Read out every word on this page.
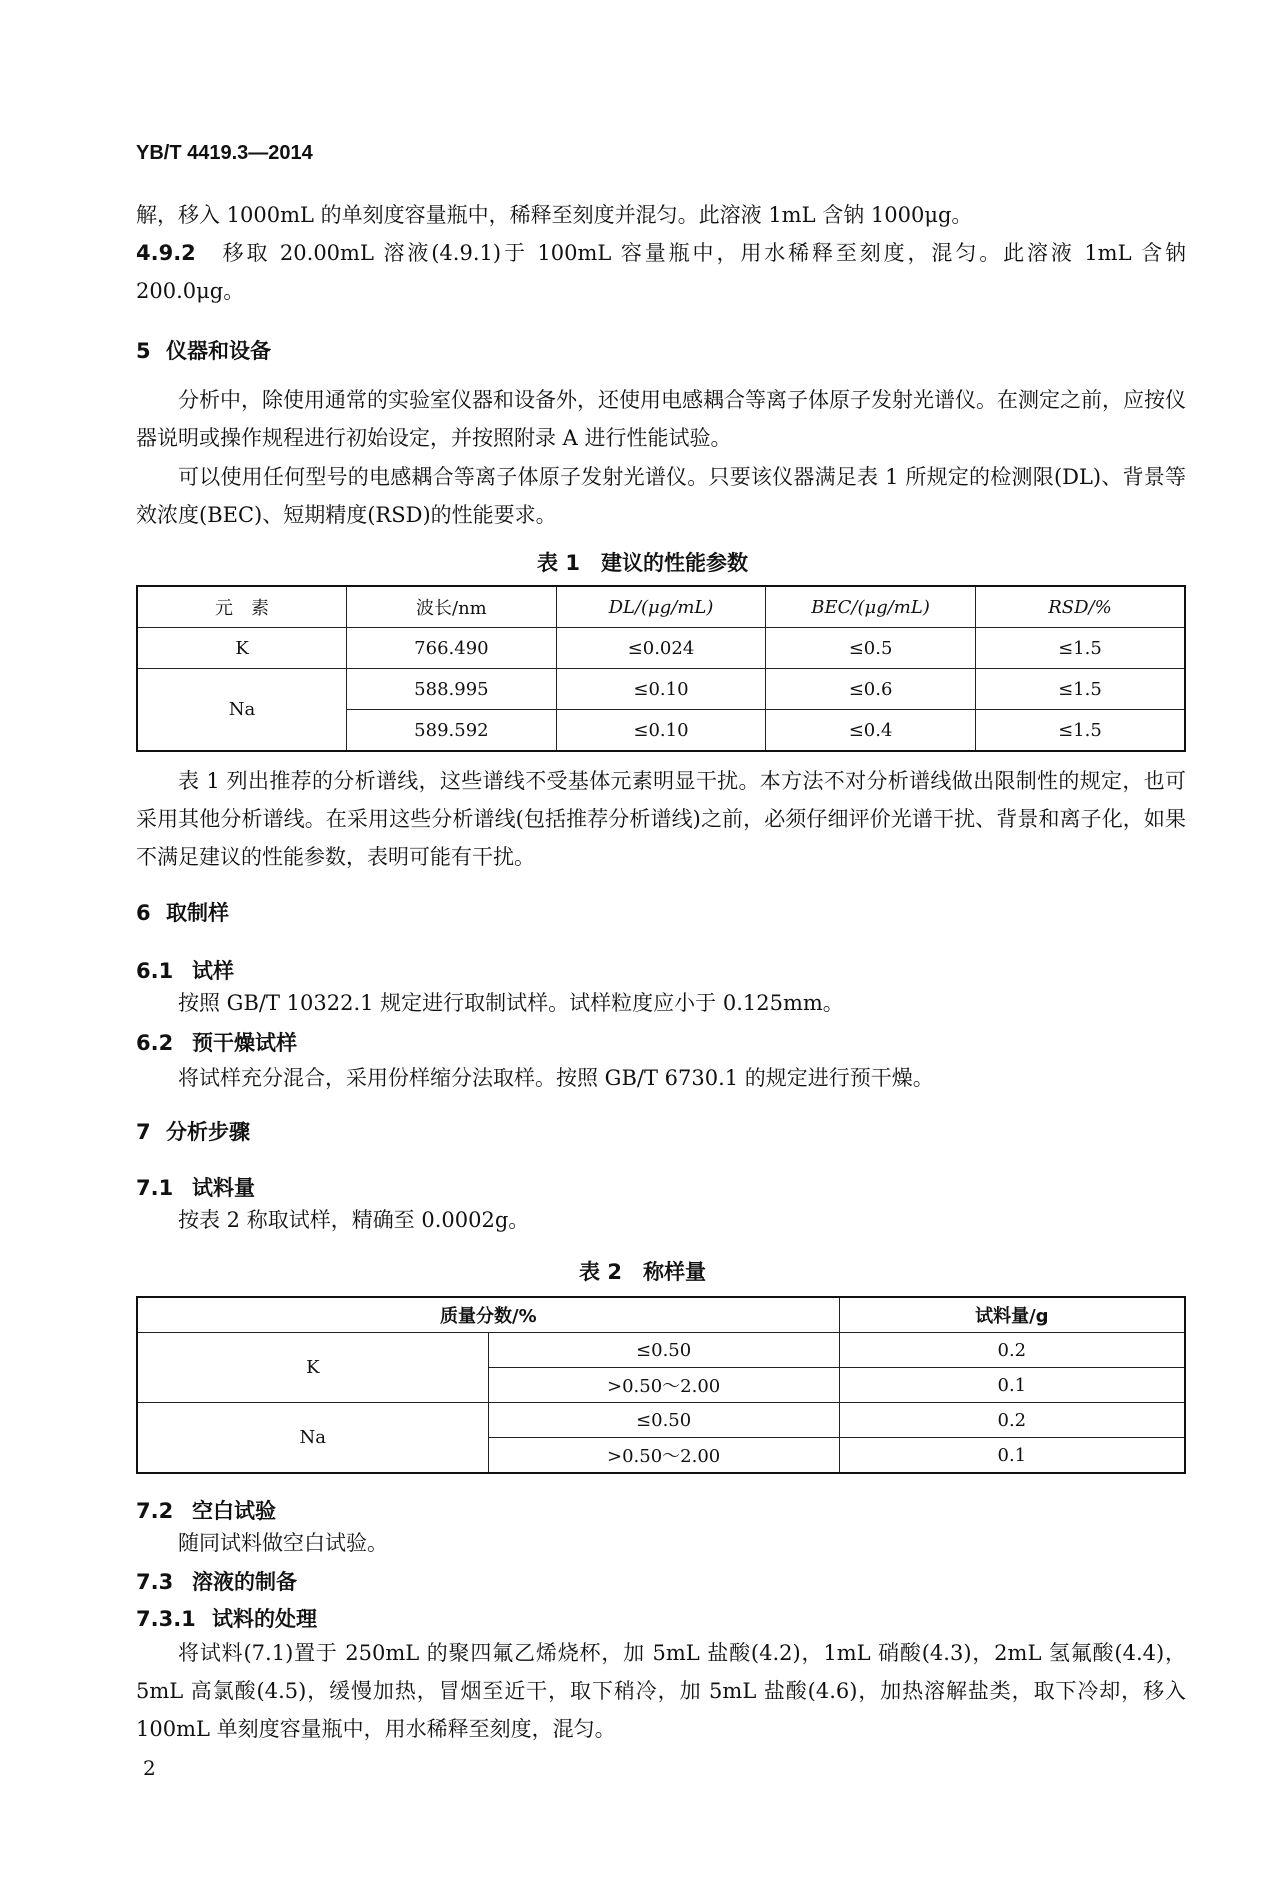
YB/T 4419.3—2014
解，移入 1000mL 的单刻度容量瓶中，稀释至刻度并混匀。此溶液 1mL 含钠 1000μg。
4.9.2　 移取 20.00mL 溶液(4.9.1)于 100mL 容量瓶中，用水稀释至刻度，混匀。此溶液 1mL 含钠 200.0μg。
5 仪器和设备
分析中，除使用通常的实验室仪器和设备外，还使用电感耦合等离子体原子发射光谱仪。在测定之前，应按仪器说明或操作规程进行初始设定，并按照附录 A 进行性能试验。
可以使用任何型号的电感耦合等离子体原子发射光谱仪。只要该仪器满足表 1 所规定的检测限(DL)、背景等效浓度(BEC)、短期精度(RSD)的性能要求。
表 1　建议的性能参数
元　素	波长/nm	DL/(μg/mL)	BEC/(μg/mL)	RSD/%
K	766.490	≤0.024	≤0.5	≤1.5
Na	588.995	≤0.10	≤0.6	≤1.5
	589.592	≤0.10	≤0.4	≤1.5
表 1 列出推荐的分析谱线，这些谱线不受基体元素明显干扰。本方法不对分析谱线做出限制性的规定，也可采用其他分析谱线。在采用这些分析谱线(包括推荐分析谱线)之前，必须仔细评价光谱干扰、背景和离子化，如果不满足建议的性能参数，表明可能有干扰。
6 取制样
6.1 试样
按照 GB/T 10322.1 规定进行取制试样。试样粒度应小于 0.125mm。
6.2 预干燥试样
将试样充分混合，采用份样缩分法取样。按照 GB/T 6730.1 的规定进行预干燥。
7 分析步骤
7.1 试料量
按表 2 称取试样，精确至 0.0002g。
表 2　称样量
质量分数/%		试料量/g
K	≤0.50	0.2
	>0.50～2.00	0.1
Na	≤0.50	0.2
	>0.50～2.00	0.1
7.2 空白试验
随同试料做空白试验。
7.3 溶液的制备
7.3.1 试料的处理
将试料(7.1)置于 250mL 的聚四氟乙烯烧杯，加 5mL 盐酸(4.2)，1mL 硝酸(4.3)，2mL 氢氟酸(4.4)，5mL 高氯酸(4.5)，缓慢加热，冒烟至近干，取下稍冷，加 5mL 盐酸(4.6)，加热溶解盐类，取下冷却，移入 100mL 单刻度容量瓶中，用水稀释至刻度，混匀。
2
